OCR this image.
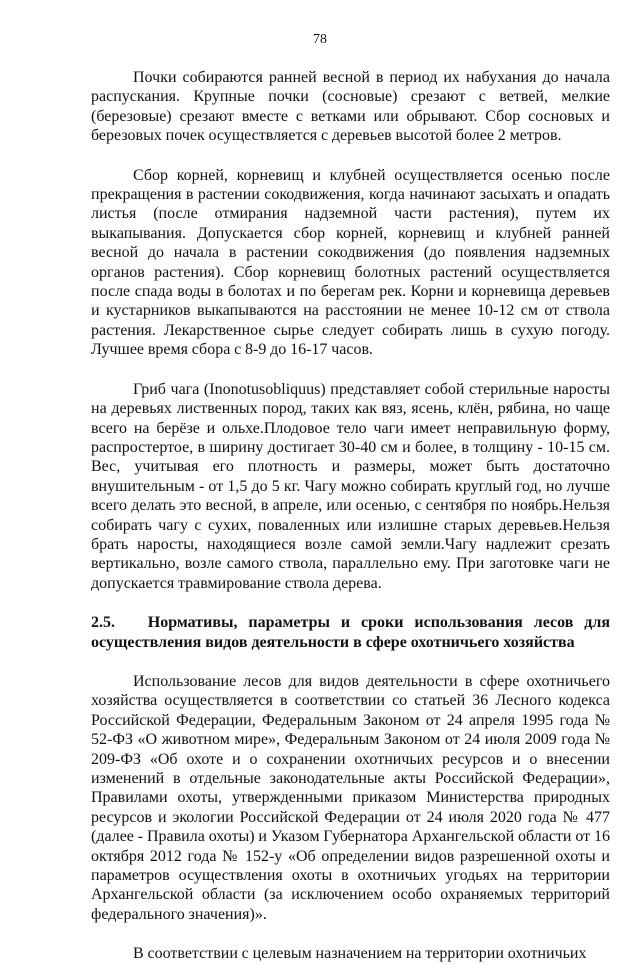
78

Почки собираются ранней весной в период их набухания до начала распускания. Крупные почки (сосновые) срезают с ветвей, мелкие (березовые) срезают вместе с ветками или обрывают. Сбор сосновых и березовых почек осуществляется с деревьев высотой более 2 метров.

Сбор корней, корневищ и клубней осуществляется осенью после прекращения в растении сокодвижения, когда начинают засыхать и опадать листья (после отмирания надземной части растения), путем их выкапывания. Допускается сбор корней, корневищ и клубней ранней весной до начала в растении сокодвижения (до появления надземных органов растения). Сбор корневищ болотных растений осуществляется после спада воды в болотах и по берегам рек. Корни и корневища деревьев и кустарников выкапываются на расстоянии не менее 10-12 см от ствола растения. Лекарственное сырье следует собирать лишь в сухую погоду. Лучшее время сбора с 8-9 до 16-17 часов.

Гриб чага (Inonotusobliquus) представляет собой стерильные наросты на деревьях лиственных пород, таких как вяз, ясень, клён, рябина, но чаще всего на берёзе и ольхе.Плодовое тело чаги имеет неправильную форму, распростертое, в ширину достигает 30-40 см и более, в толщину - 10-15 см. Вес, учитывая его плотность и размеры, может быть достаточно внушительным - от 1,5 до 5 кг. Чагу можно собирать круглый год, но лучше всего делать это весной, в апреле, или осенью, с сентября по ноябрь.Нельзя собирать чагу с сухих, поваленных или излишне старых деревьев.Нельзя брать наросты, находящиеся возле самой земли.Чагу надлежит срезать вертикально, возле самого ствола, параллельно ему. При заготовке чаги не допускается травмирование ствола дерева.

2.5. Нормативы, параметры и сроки использования лесов для осуществления видов деятельности в сфере охотничьего хозяйства

Использование лесов для видов деятельности в сфере охотничьего хозяйства осуществляется в соответствии со статьей 36 Лесного кодекса Российской Федерации, Федеральным Законом от 24 апреля 1995 года № 52-ФЗ «О животном мире», Федеральным Законом от 24 июля 2009 года № 209-ФЗ «Об охоте и о сохранении охотничьих ресурсов и о внесении изменений в отдельные законодательные акты Российской Федерации», Правилами охоты, утвержденными приказом Министерства природных ресурсов и экологии Российской Федерации от 24 июля 2020 года № 477 (далее - Правила охоты) и Указом Губернатора Архангельской области от 16 октября 2012 года № 152-у «Об определении видов разрешенной охоты и параметров осуществления охоты в охотничьих угодьях на территории Архангельской области (за исключением особо охраняемых территорий федерального значения)».

В соответствии с целевым назначением на территории охотничьих
